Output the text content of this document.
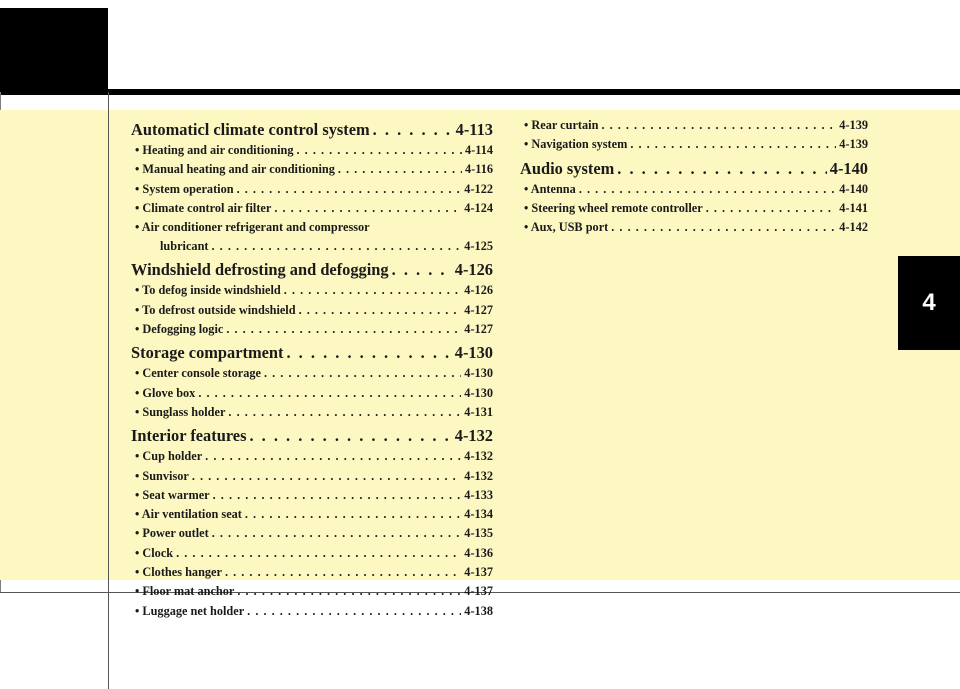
4
Automaticl climate control system . . .	4-113
• Heating and air conditioning . . .	4-114
• Manual heating and air conditioning . . .	4-116
• System operation . . .	4-122
• Climate control air filter . . .	4-124
• Air conditioner refrigerant and compressor
lubricant . . .	4-125
Windshield defrosting and defogging . . .	4-126
• To defog inside windshield . . .	4-126
• To defrost outside windshield . . .	4-127
• Defogging logic . . .	4-127
Storage compartment . . .	4-130
• Center console storage . . .	4-130
• Glove box . . .	4-130
• Sunglass holder . . .	4-131
Interior features . . .	4-132
• Cup holder . . .	4-132
• Sunvisor . . .	4-132
• Seat warmer . . .	4-133
• Air ventilation seat . . .	4-134
• Power outlet . . .	4-135
• Clock . . .	4-136
• Clothes hanger . . .	4-137
• Floor mat anchor . . .	4-137
• Luggage net holder . . .	4-138
• Rear curtain . . .	4-139
• Navigation system . . .	4-139
Audio system . . .	4-140
• Antenna . . .	4-140
• Steering wheel remote controller . . .	4-141
• Aux, USB port . . .	4-142
